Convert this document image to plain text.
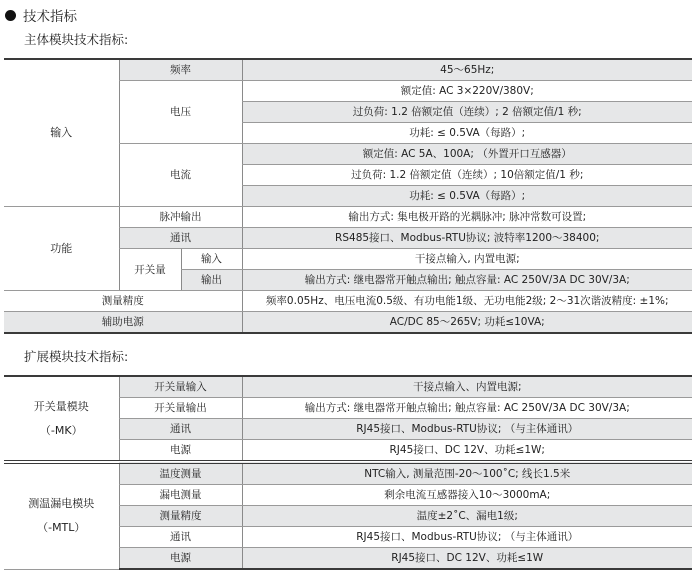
技术指标
主体模块技术指标:
输入	频率		45～65Hz;
	电压		额定值: AC 3×220V/380V;
			过负荷: 1.2 倍额定值（连续）; 2 倍额定值/1 秒;
			功耗: ≤ 0.5VA（每路）;
	电流		额定值: AC 5A、100A; （外置开口互感器）
			过负荷: 1.2 倍额定值（连续）; 10倍额定值/1 秒;
			功耗: ≤ 0.5VA（每路）;
功能	脉冲输出		输出方式: 集电极开路的光耦脉冲; 脉冲常数可设置;
	通讯		RS485接口、Modbus-RTU协议; 波特率1200～38400;
	开关量	输入	干接点输入, 内置电源;
		输出	输出方式: 继电器常开触点输出; 触点容量: AC 250V/3A DC 30V/3A;
测量精度			频率0.05Hz、电压电流0.5级、有功电能1级、无功电能2级; 2～31次谐波精度: ±1%;
辅助电源			AC/DC 85～265V; 功耗≤10VA;
扩展模块技术指标:
开关量模块
（-MK）	开关量输入	干接点输入、内置电源;
	开关量输出	输出方式: 继电器常开触点输出; 触点容量: AC 250V/3A DC 30V/3A;
	通讯	RJ45接口、Modbus-RTU协议; （与主体通讯）
	电源	RJ45接口、DC 12V、功耗≤1W;
测温漏电模块
（-MTL）	温度测量	NTC输入, 测量范围-20～100˚C; 线长1.5米
	漏电测量	剩余电流互感器接入10～3000mA;
	测量精度	温度±2˚C、漏电1级;
	通讯	RJ45接口、Modbus-RTU协议; （与主体通讯）
	电源	RJ45接口、DC 12V、功耗≤1W
